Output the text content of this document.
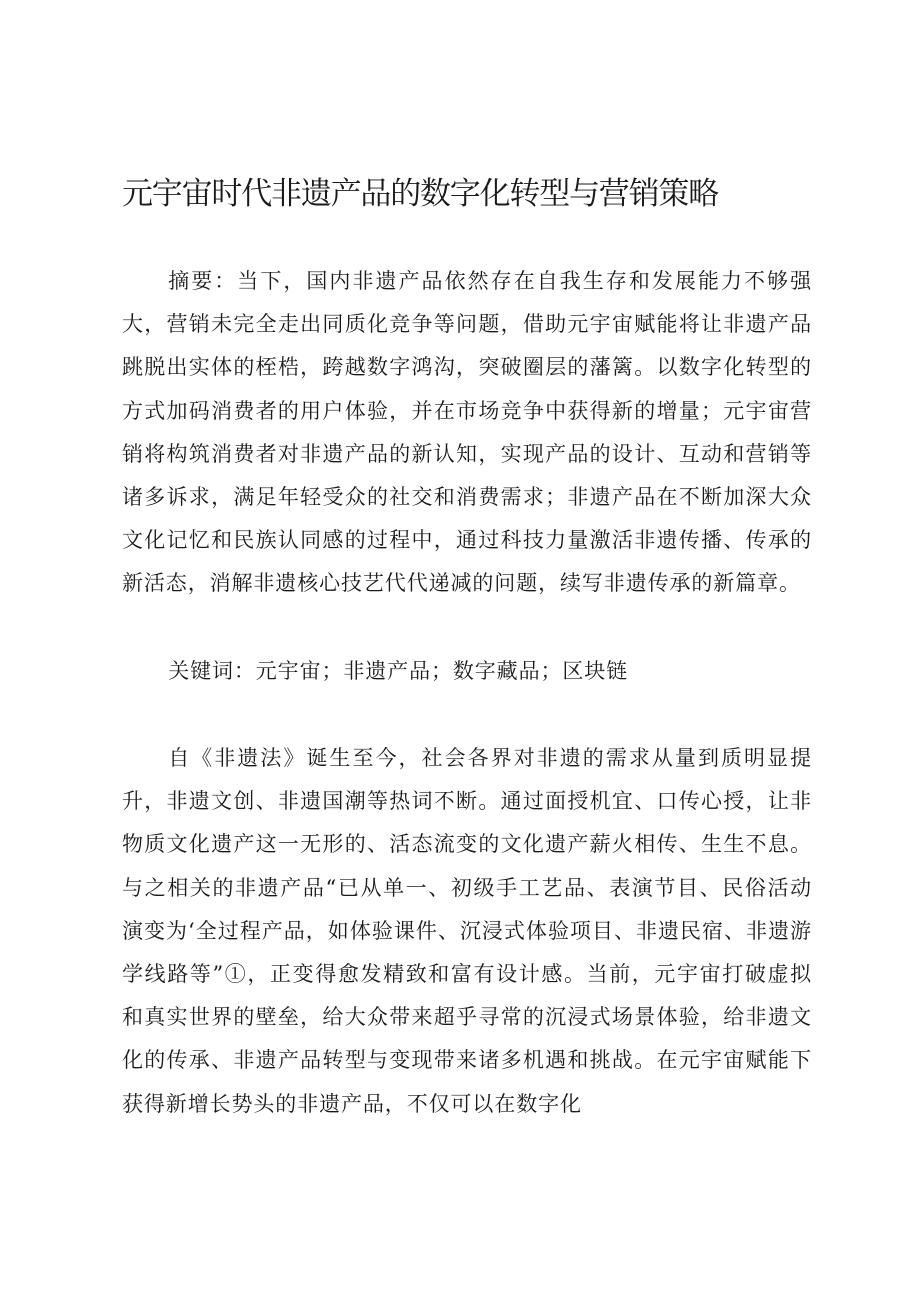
元宇宙时代非遗产品的数字化转型与营销策略

摘要：当下，国内非遗产品依然存在自我生存和发展能力不够强大，营销未完全走出同质化竞争等问题，借助元宇宙赋能将让非遗产品跳脱出实体的桎梏，跨越数字鸿沟，突破圈层的藩篱。以数字化转型的方式加码消费者的用户体验，并在市场竞争中获得新的增量；元宇宙营销将构筑消费者对非遗产品的新认知，实现产品的设计、互动和营销等诸多诉求，满足年轻受众的社交和消费需求；非遗产品在不断加深大众文化记忆和民族认同感的过程中，通过科技力量激活非遗传播、传承的新活态，消解非遗核心技艺代代递减的问题，续写非遗传承的新篇章。

关键词：元宇宙；非遗产品；数字藏品；区块链

自《非遗法》诞生至今，社会各界对非遗的需求从量到质明显提升，非遗文创、非遗国潮等热词不断。通过面授机宜、口传心授，让非物质文化遗产这一无形的、活态流变的文化遗产薪火相传、生生不息。与之相关的非遗产品“已从单一、初级手工艺品、表演节目、民俗活动演变为‘全过程产品，如体验课件、沉浸式体验项目、非遗民宿、非遗游学线路等”①，正变得愈发精致和富有设计感。当前，元宇宙打破虚拟和真实世界的壁垒，给大众带来超乎寻常的沉浸式场景体验，给非遗文化的传承、非遗产品转型与变现带来诸多机遇和挑战。在元宇宙赋能下获得新增长势头的非遗产品，不仅可以在数字化
